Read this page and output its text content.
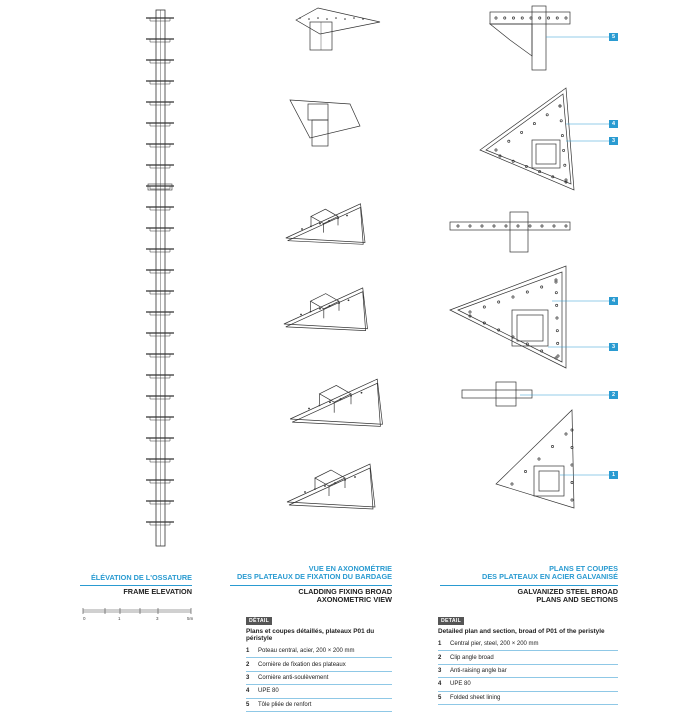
0	1	3	5m
ÉLÉVATION DE L'OSSATURE
FRAME ELEVATION
VUE EN AXONOMÉTRIE
DES PLATEAUX DE FIXATION DU BARDAGE
CLADDING FIXING BROAD
AXONOMETRIC VIEW
PLANS ET COUPES
DES PLATEAUX EN ACIER GALVANISÉ
GALVANIZED STEEL BROAD
PLANS AND SECTIONS
DÉTAIL
Plans et coupes détaillés, plateaux P01 du péristyle
1	Poteau central, acier, 200 × 200 mm
2	Cornière de fixation des plateaux
3	Cornière anti-soulèvement
4	UPE 80
5	Tôle pliée de renfort
DETAIL
Detailed plan and section, broad of P01 of the peristyle
1	Central pier, steel, 200 × 200 mm
2	Clip angle broad
3	Anti-raising angle bar
4	UPE 80
5	Folded sheet lining
5
4
3
4
3
2
1
